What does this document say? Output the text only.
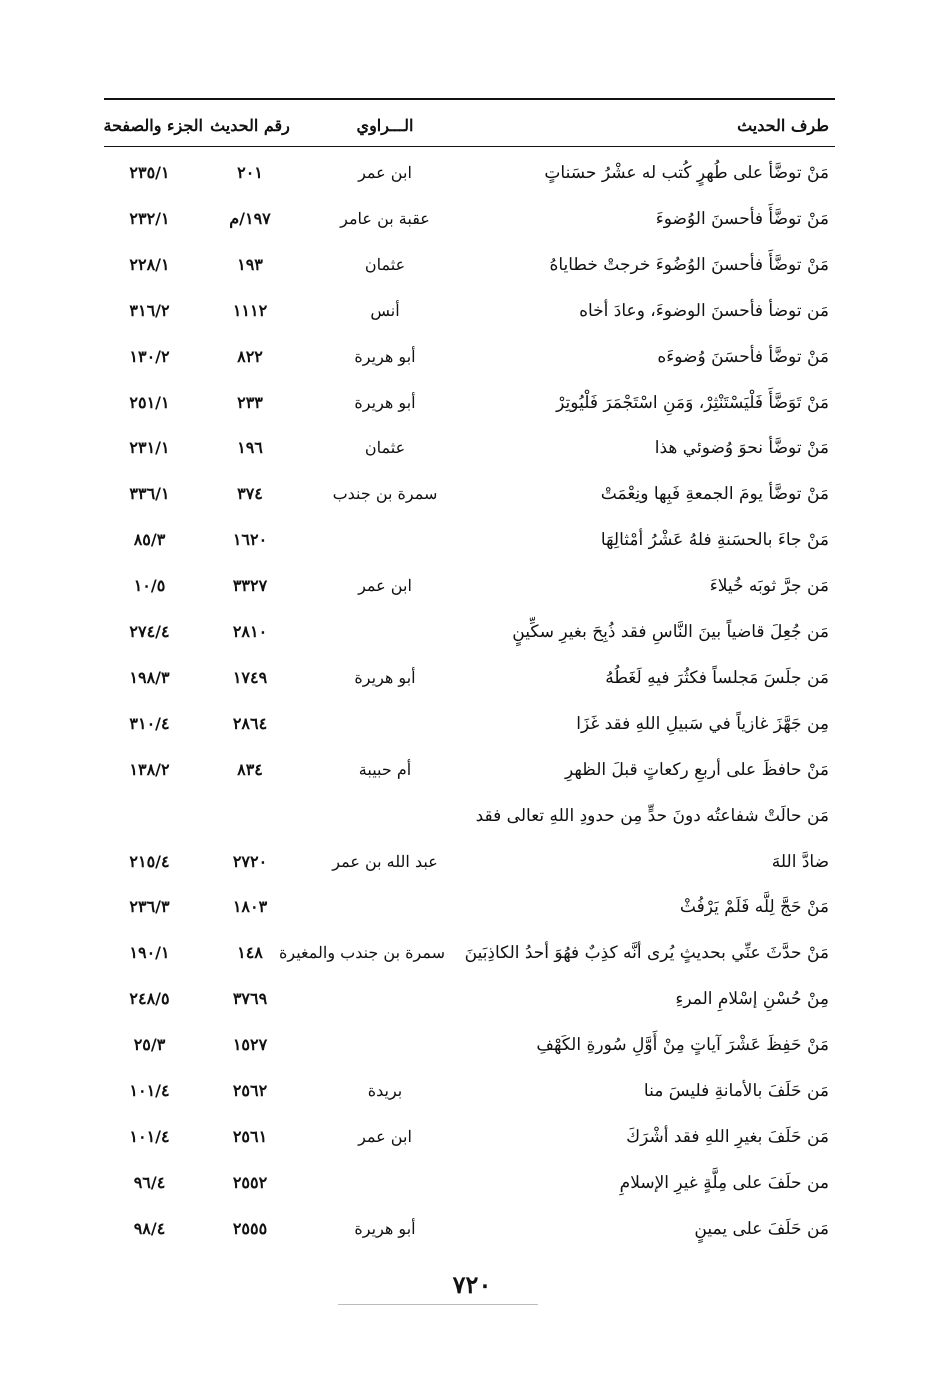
طرف الحديث
الـــراوي
رقم الحديث
الجزء والصفحة
مَنْ توضَّأ على طُهرٍ كُتب له عشْرُ حسَناتٍ
ابن عمر
٢٠١
٢٣٥/١
مَنْ توضَّأَ فأحسنَ الوُضوءَ
عقبة بن عامر
١٩٧/م
٢٣٢/١
مَنْ توضَّأَ فأحسنَ الوُضُوءَ خرجتْ خطاياهُ
عثمان
١٩٣
٢٢٨/١
مَن توضأ فأحسنَ الوضوءَ، وعادَ أخاه
أنس
١١١٢
٣١٦/٢
مَنْ توضَّأ فأحسَنَ وُضوءَه
أبو هريرة
٨٢٢
١٣٠/٢
مَنْ تَوَضَّأَ فَلْيَسْتَنْثِرْ، وَمَنِ اسْتَجْمَرَ فَلْيُوتِرْ
أبو هريرة
٢٣٣
٢٥١/١
مَنْ توضَّأ نحوَ وُضوئي هذا
عثمان
١٩٦
٢٣١/١
مَنْ توضَّأ يومَ الجمعةِ فَبِها ونِعْمَتْ
سمرة بن جندب
٣٧٤
٣٣٦/١
مَنْ جاءَ بالحسَنةِ فلهُ عَشْرُ أمْثالِهَا
١٦٢٠
٨٥/٣
مَن جرَّ ثوبَه خُيلاءَ
ابن عمر
٣٣٢٧
١٠/٥
مَن جُعِلَ قاضياً بينَ النَّاسِ فقد ذُبِحَ بغيرِ سكِّينٍ
٢٨١٠
٢٧٤/٤
مَن جلَسَ مَجلساً فكثُرَ فيهِ لَغَطُهُ
أبو هريرة
١٧٤٩
١٩٨/٣
مِن جَهَّزَ غازياً في سَبيلِ اللهِ فقد غَزَا
٢٨٦٤
٣١٠/٤
مَنْ حافظَ على أربعِ ركعاتٍ قبلَ الظهرِ
أم حبيبة
٨٣٤
١٣٨/٢
مَن حالَتْ شفاعتُه دونَ حدٍّ مِن حدودِ اللهِ تعالى فقد
ضادَّ اللهَ
عبد الله بن عمر
٢٧٢٠
٢١٥/٤
مَنْ حَجَّ لِلَّه فَلَمْ يَرْفُثْ
١٨٠٣
٢٣٦/٣
مَنْ حدَّثَ عنِّي بحديثٍ يُرى أنَّه كذِبٌ فهُوَ أحدُ الكاذِبَينَ
سمرة بن جندب والمغيرة
١٤٨
١٩٠/١
مِنْ حُسْنِ إسْلامِ المرءِ
٣٧٦٩
٢٤٨/٥
مَنْ حَفِظَ عَشْرَ آياتٍ مِنْ أَوَّلِ سُورةِ الكَهْفِ
١٥٢٧
٢٥/٣
مَن حَلَفَ بالأمانةِ فليسَ منا
بريدة
٢٥٦٢
١٠١/٤
مَن حَلَفَ بغيرِ اللهِ فقد أشْرَكَ
ابن عمر
٢٥٦١
١٠١/٤
من حلَفَ على مِلَّةٍ غيرِ الإسلامِ
٢٥٥٢
٩٦/٤
مَن حَلَفَ على يمينٍ
أبو هريرة
٢٥٥٥
٩٨/٤
٧٢٠
